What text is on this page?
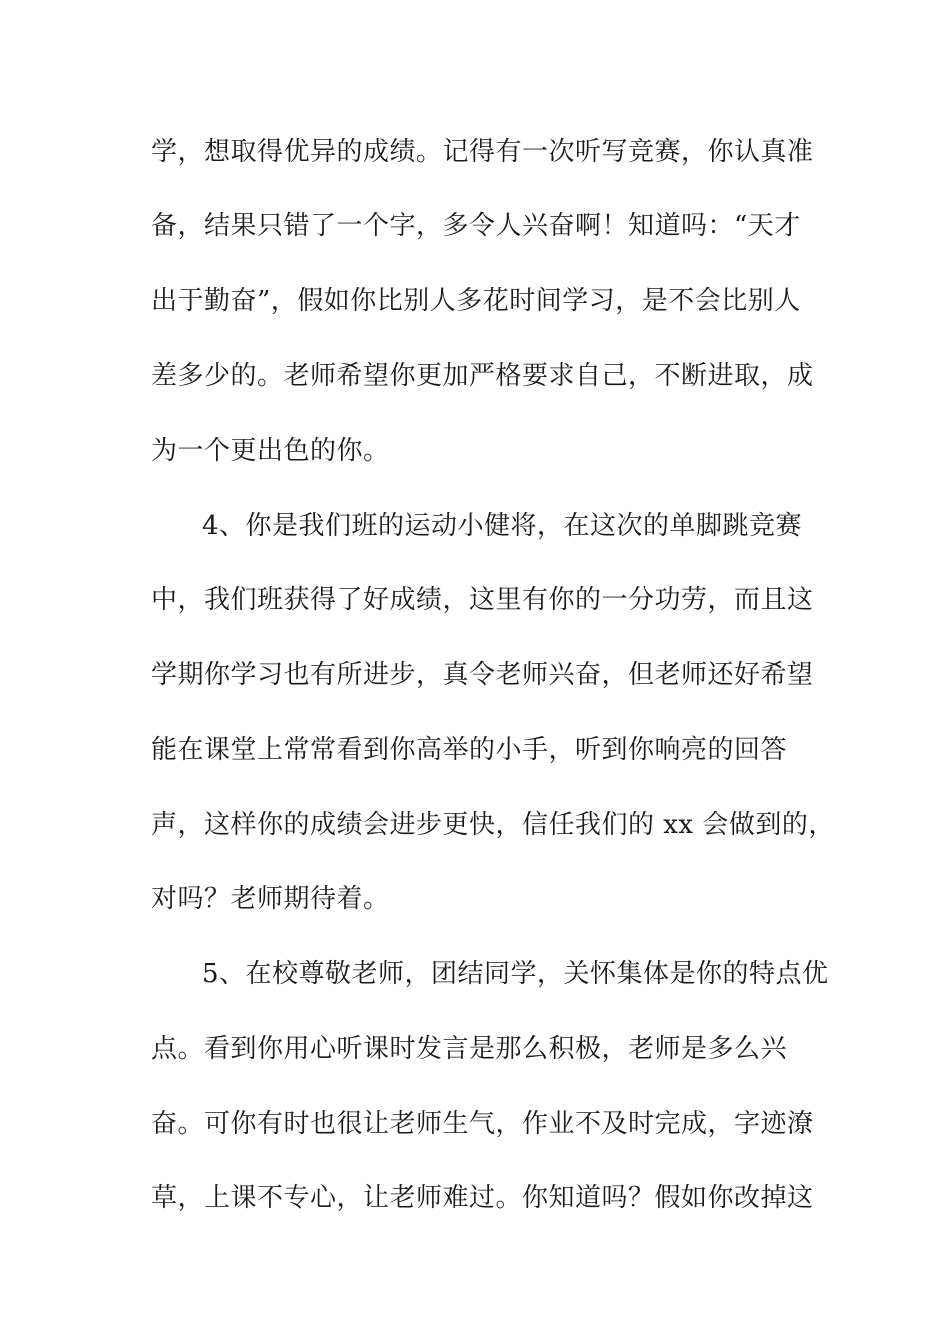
学，想取得优异的成绩。记得有一次听写竞赛，你认真准
备，结果只错了一个字，多令人兴奋啊！知道吗：“天才
出于勤奋”，假如你比别人多花时间学习，是不会比别人
差多少的。老师希望你更加严格要求自己，不断进取，成
为一个更出色的你。
4、你是我们班的运动小健将，在这次的单脚跳竞赛
中，我们班获得了好成绩，这里有你的一分功劳，而且这
学期你学习也有所进步，真令老师兴奋，但老师还好希望
能在课堂上常常看到你高举的小手，听到你响亮的回答
声，这样你的成绩会进步更快，信任我们的 xx 会做到的，
对吗？老师期待着。
5、在校尊敬老师，团结同学，关怀集体是你的特点优
点。看到你用心听课时发言是那么积极，老师是多么兴
奋。可你有时也很让老师生气，作业不及时完成，字迹潦
草，上课不专心，让老师难过。你知道吗？假如你改掉这
